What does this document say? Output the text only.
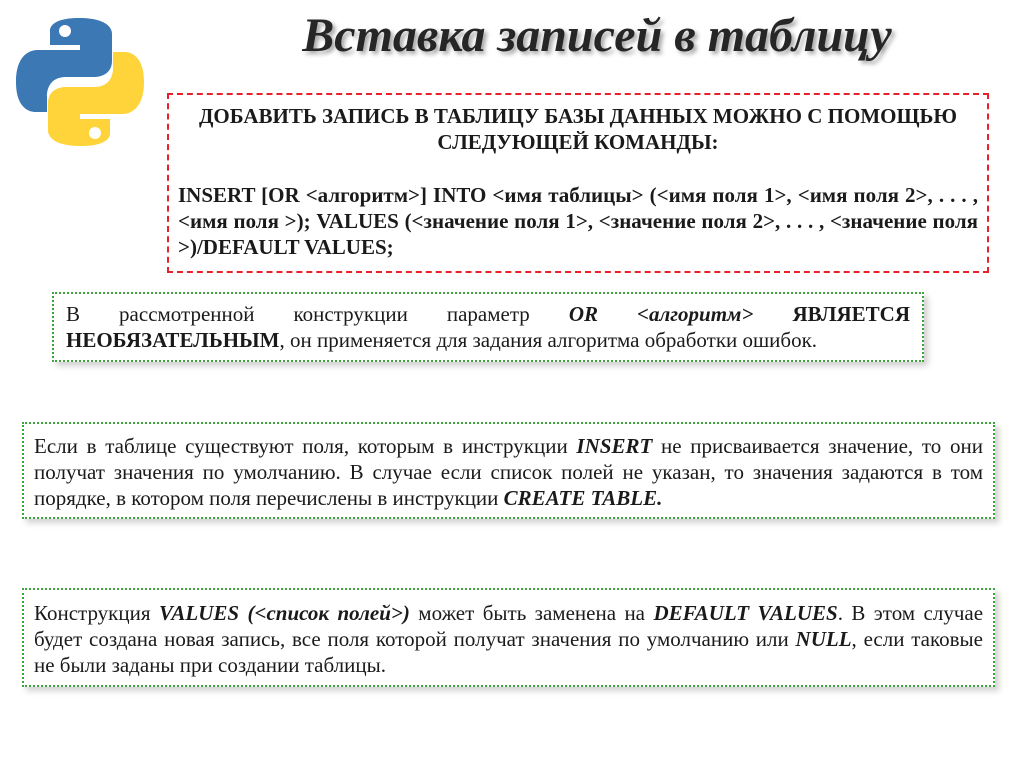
Вставка записей в таблицу
ДОБАВИТЬ ЗАПИСЬ В ТАБЛИЦУ БАЗЫ ДАННЫХ МОЖНО С ПОМОЩЬЮ СЛЕДУЮЩЕЙ КОМАНДЫ:
INSERT [OR <алгоритм>] INTO <имя таблицы> (<имя поля 1>, <имя поля 2>, . . . , <имя поля >); VALUES (<значение поля 1>, <значение поля 2>, . . . , <значение поля >)/DEFAULT VALUES;
В рассмотренной конструкции параметр OR <алгоритм> ЯВЛЯЕТСЯ НЕОБЯЗАТЕЛЬНЫМ, он применяется для задания алгоритма обработки ошибок.
Если в таблице существуют поля, которым в инструкции INSERT не присваивается значение, то они получат значения по умолчанию. В случае если список полей не указан, то значения задаются в том порядке, в котором поля перечислены в инструкции CREATE TABLE.
Конструкция VALUES (<список полей>) может быть заменена на DEFAULT VALUES. В этом случае будет создана новая запись, все поля которой получат значения по умолчанию или NULL, если таковые не были заданы при создании таблицы.
